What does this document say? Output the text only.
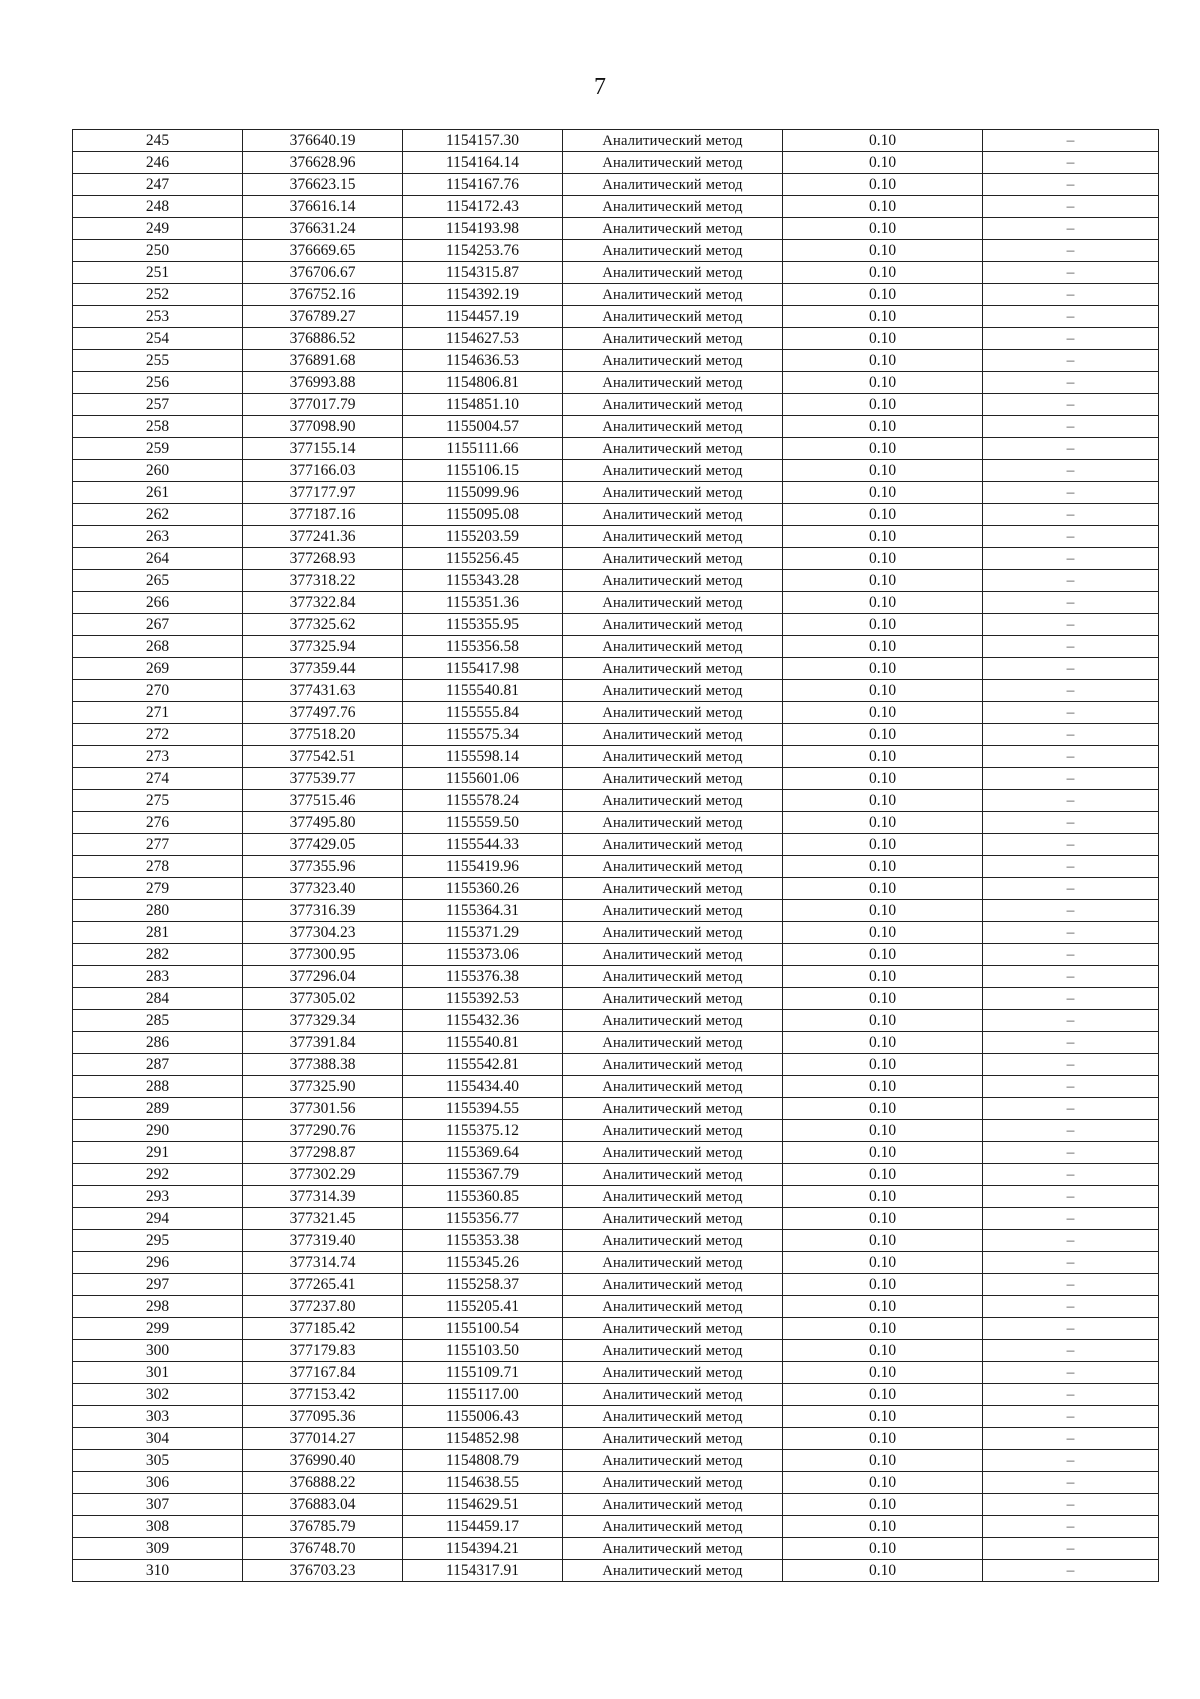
7
245	376640.19	1154157.30	Аналитический метод	0.10	–
246	376628.96	1154164.14	Аналитический метод	0.10	–
247	376623.15	1154167.76	Аналитический метод	0.10	–
248	376616.14	1154172.43	Аналитический метод	0.10	–
249	376631.24	1154193.98	Аналитический метод	0.10	–
250	376669.65	1154253.76	Аналитический метод	0.10	–
251	376706.67	1154315.87	Аналитический метод	0.10	–
252	376752.16	1154392.19	Аналитический метод	0.10	–
253	376789.27	1154457.19	Аналитический метод	0.10	–
254	376886.52	1154627.53	Аналитический метод	0.10	–
255	376891.68	1154636.53	Аналитический метод	0.10	–
256	376993.88	1154806.81	Аналитический метод	0.10	–
257	377017.79	1154851.10	Аналитический метод	0.10	–
258	377098.90	1155004.57	Аналитический метод	0.10	–
259	377155.14	1155111.66	Аналитический метод	0.10	–
260	377166.03	1155106.15	Аналитический метод	0.10	–
261	377177.97	1155099.96	Аналитический метод	0.10	–
262	377187.16	1155095.08	Аналитический метод	0.10	–
263	377241.36	1155203.59	Аналитический метод	0.10	–
264	377268.93	1155256.45	Аналитический метод	0.10	–
265	377318.22	1155343.28	Аналитический метод	0.10	–
266	377322.84	1155351.36	Аналитический метод	0.10	–
267	377325.62	1155355.95	Аналитический метод	0.10	–
268	377325.94	1155356.58	Аналитический метод	0.10	–
269	377359.44	1155417.98	Аналитический метод	0.10	–
270	377431.63	1155540.81	Аналитический метод	0.10	–
271	377497.76	1155555.84	Аналитический метод	0.10	–
272	377518.20	1155575.34	Аналитический метод	0.10	–
273	377542.51	1155598.14	Аналитический метод	0.10	–
274	377539.77	1155601.06	Аналитический метод	0.10	–
275	377515.46	1155578.24	Аналитический метод	0.10	–
276	377495.80	1155559.50	Аналитический метод	0.10	–
277	377429.05	1155544.33	Аналитический метод	0.10	–
278	377355.96	1155419.96	Аналитический метод	0.10	–
279	377323.40	1155360.26	Аналитический метод	0.10	–
280	377316.39	1155364.31	Аналитический метод	0.10	–
281	377304.23	1155371.29	Аналитический метод	0.10	–
282	377300.95	1155373.06	Аналитический метод	0.10	–
283	377296.04	1155376.38	Аналитический метод	0.10	–
284	377305.02	1155392.53	Аналитический метод	0.10	–
285	377329.34	1155432.36	Аналитический метод	0.10	–
286	377391.84	1155540.81	Аналитический метод	0.10	–
287	377388.38	1155542.81	Аналитический метод	0.10	–
288	377325.90	1155434.40	Аналитический метод	0.10	–
289	377301.56	1155394.55	Аналитический метод	0.10	–
290	377290.76	1155375.12	Аналитический метод	0.10	–
291	377298.87	1155369.64	Аналитический метод	0.10	–
292	377302.29	1155367.79	Аналитический метод	0.10	–
293	377314.39	1155360.85	Аналитический метод	0.10	–
294	377321.45	1155356.77	Аналитический метод	0.10	–
295	377319.40	1155353.38	Аналитический метод	0.10	–
296	377314.74	1155345.26	Аналитический метод	0.10	–
297	377265.41	1155258.37	Аналитический метод	0.10	–
298	377237.80	1155205.41	Аналитический метод	0.10	–
299	377185.42	1155100.54	Аналитический метод	0.10	–
300	377179.83	1155103.50	Аналитический метод	0.10	–
301	377167.84	1155109.71	Аналитический метод	0.10	–
302	377153.42	1155117.00	Аналитический метод	0.10	–
303	377095.36	1155006.43	Аналитический метод	0.10	–
304	377014.27	1154852.98	Аналитический метод	0.10	–
305	376990.40	1154808.79	Аналитический метод	0.10	–
306	376888.22	1154638.55	Аналитический метод	0.10	–
307	376883.04	1154629.51	Аналитический метод	0.10	–
308	376785.79	1154459.17	Аналитический метод	0.10	–
309	376748.70	1154394.21	Аналитический метод	0.10	–
310	376703.23	1154317.91	Аналитический метод	0.10	–
